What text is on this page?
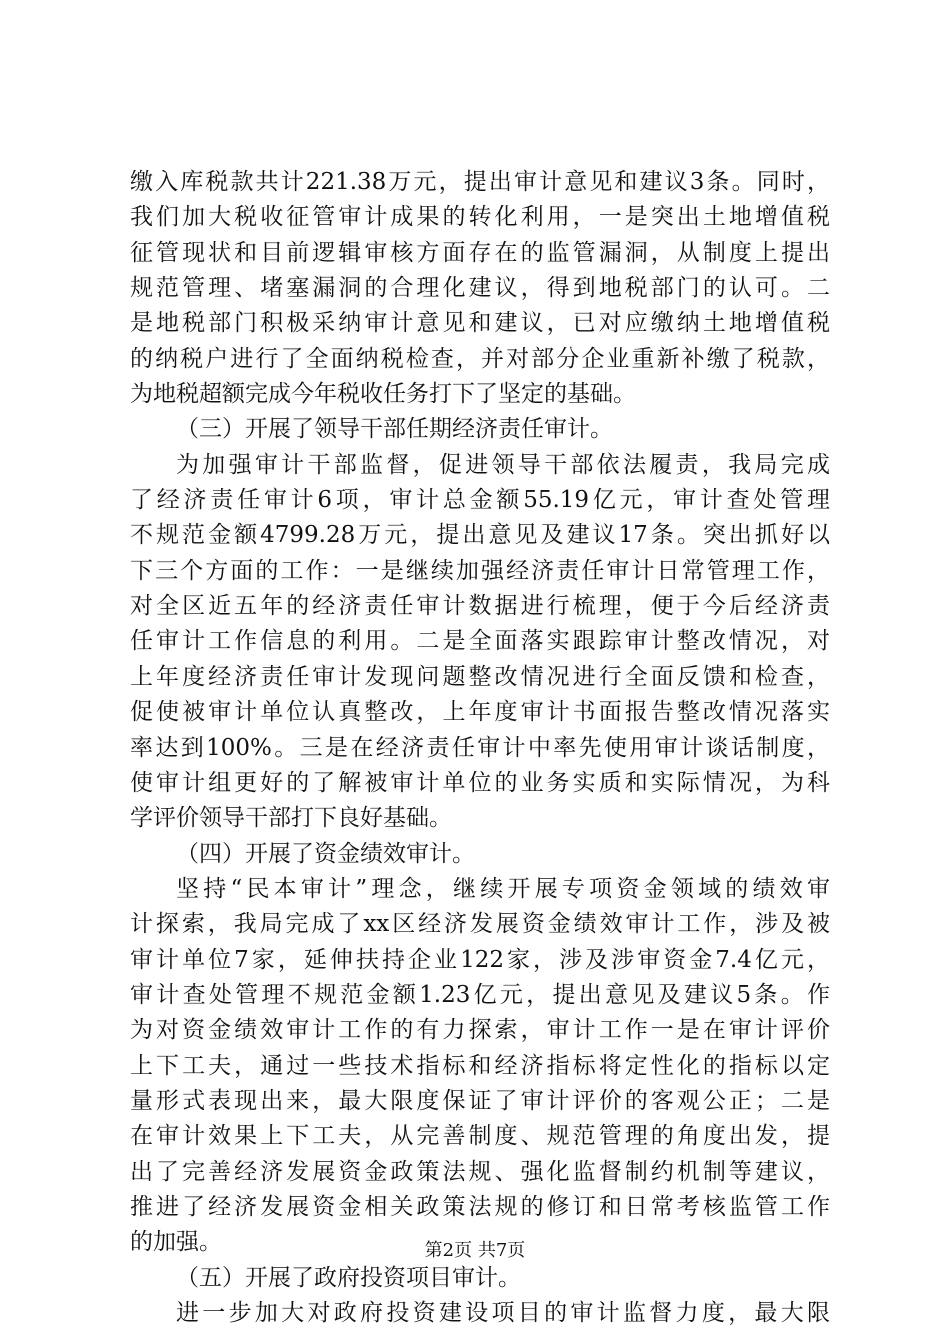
缴入库税款共计221.38万元，提出审计意见和建议3条。同时，
我们加大税收征管审计成果的转化利用，一是突出土地增值税
征管现状和目前逻辑审核方面存在的监管漏洞，从制度上提出
规范管理、堵塞漏洞的合理化建议，得到地税部门的认可。二
是地税部门积极采纳审计意见和建议，已对应缴纳土地增值税
的纳税户进行了全面纳税检查，并对部分企业重新补缴了税款，
为地税超额完成今年税收任务打下了坚定的基础。
（三）开展了领导干部任期经济责任审计。
为加强审计干部监督，促进领导干部依法履责，我局完成
了经济责任审计6项，审计总金额55.19亿元，审计查处管理
不规范金额4799.28万元，提出意见及建议17条。突出抓好以
下三个方面的工作：一是继续加强经济责任审计日常管理工作，
对全区近五年的经济责任审计数据进行梳理，便于今后经济责
任审计工作信息的利用。二是全面落实跟踪审计整改情况，对
上年度经济责任审计发现问题整改情况进行全面反馈和检查，
促使被审计单位认真整改，上年度审计书面报告整改情况落实
率达到100%。三是在经济责任审计中率先使用审计谈话制度，
使审计组更好的了解被审计单位的业务实质和实际情况，为科
学评价领导干部打下良好基础。
（四）开展了资金绩效审计。
坚持“民本审计”理念，继续开展专项资金领域的绩效审
计探索，我局完成了xx区经济发展资金绩效审计工作，涉及被
审计单位7家，延伸扶持企业122家，涉及涉审资金7.4亿元，
审计查处管理不规范金额1.23亿元，提出意见及建议5条。作
为对资金绩效审计工作的有力探索，审计工作一是在审计评价
上下工夫，通过一些技术指标和经济指标将定性化的指标以定
量形式表现出来，最大限度保证了审计评价的客观公正；二是
在审计效果上下工夫，从完善制度、规范管理的角度出发，提
出了完善经济发展资金政策法规、强化监督制约机制等建议，
推进了经济发展资金相关政策法规的修订和日常考核监管工作
的加强。
（五）开展了政府投资项目审计。
进一步加大对政府投资建设项目的审计监督力度，最大限
第2页 共7页
